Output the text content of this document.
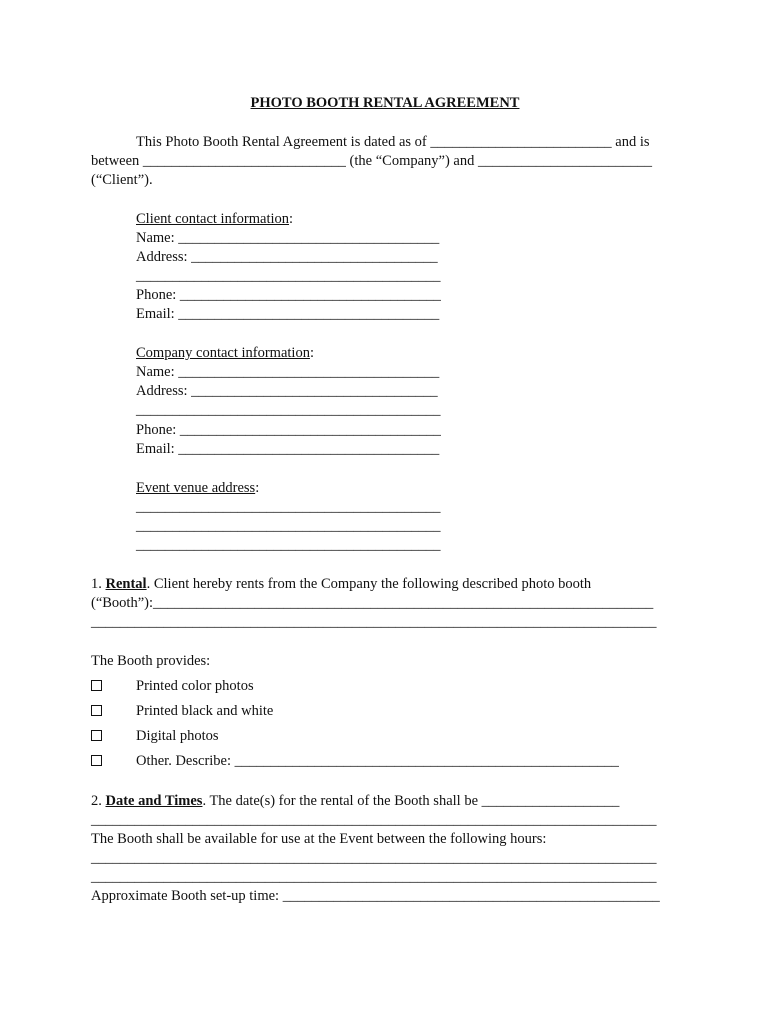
PHOTO BOOTH RENTAL AGREEMENT
This Photo Booth Rental Agreement is dated as of _________________________ and is
between ____________________________ (the “Company”) and ________________________
(“Client”).
Client contact information:
Name: ____________________________________
Address: __________________________________
__________________________________________
Phone: ____________________________________
Email: ____________________________________
Company contact information:
Name: ____________________________________
Address: __________________________________
__________________________________________
Phone: ____________________________________
Email: ____________________________________
Event venue address:
__________________________________________
__________________________________________
__________________________________________
1. Rental. Client hereby rents from the Company the following described photo booth
(“Booth”):_____________________________________________________________________
______________________________________________________________________________
The Booth provides:
Printed color photos
Printed black and white
Digital photos
Other. Describe: _____________________________________________________
2. Date and Times. The date(s) for the rental of the Booth shall be ___________________
______________________________________________________________________________
The Booth shall be available for use at the Event between the following hours:
______________________________________________________________________________
______________________________________________________________________________
Approximate Booth set-up time: ____________________________________________________
